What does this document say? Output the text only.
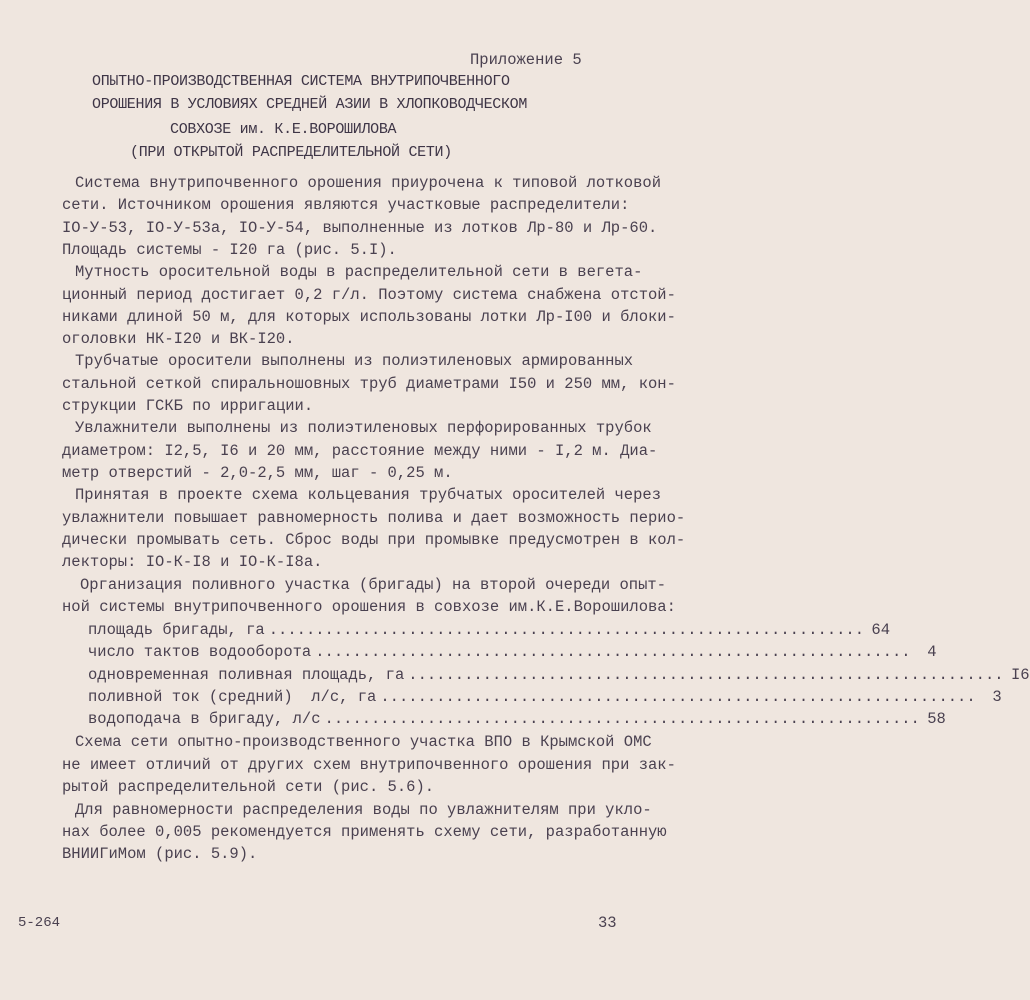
Приложение 5
ОПЫТНО-ПРОИЗВОДСТВЕННАЯ СИСТЕМА ВНУТРИПОЧВЕННОГО
ОРОШЕНИЯ В УСЛОВИЯХ СРЕДНЕЙ АЗИИ В ХЛОПКОВОДЧЕСКОМ
СОВХОЗЕ им. К.Е.ВОРОШИЛОВА
(ПРИ ОТКРЫТОЙ РАСПРЕДЕЛИТЕЛЬНОЙ СЕТИ)
Система внутрипочвенного орошения приурочена к типовой лотковой
сети. Источником орошения являются участковые распределители:
IO-У-53, IO-У-53а, IO-У-54, выполненные из лотков Лр-80 и Лр-60.
Площадь системы - I20 га (рис. 5.I).
Мутность оросительной воды в распределительной сети в вегета-
ционный период достигает 0,2 г/л. Поэтому система снабжена отстой-
никами длиной 50 м, для которых использованы лотки Лр-I00 и блоки-
оголовки НК-I20 и ВК-I20.
Трубчатые оросители выполнены из полиэтиленовых армированных
стальной сеткой спиральношовных труб диаметрами I50 и 250 мм, кон-
струкции ГСКБ по ирригации.
Увлажнители выполнены из полиэтиленовых перфорированных трубок
диаметром: I2,5, I6 и 20 мм, расстояние между ними - I,2 м. Диа-
метр отверстий - 2,0-2,5 мм, шаг - 0,25 м.
Принятая в проекте схема кольцевания трубчатых оросителей через
увлажнители повышает равномерность полива и дает возможность перио-
дически промывать сеть. Сброс воды при промывке предусмотрен в кол-
лекторы: IO-К-I8 и IO-К-I8а.
Организация поливного участка (бригады) на второй очереди опыт-
ной системы внутрипочвенного орошения в совхозе им.К.Е.Ворошилова:
площадь бригады, га ................................................................ 64
число тактов водооборота ................................................................	4
одновременная поливная площадь, га ................................................................ I6
поливной ток (средний)  л/с, га ................................................................	3
водоподача в бригаду, л/с ................................................................ 58
Схема сети опытно-производственного участка ВПО в Крымской ОМС
не имеет отличий от других схем внутрипочвенного орошения при зак-
рытой распределительной сети (рис. 5.6).
Для равномерности распределения воды по увлажнителям при укло-
нах более 0,005 рекомендуется применять схему сети, разработанную
ВНИИГиМом (рис. 5.9).
5-264	33
